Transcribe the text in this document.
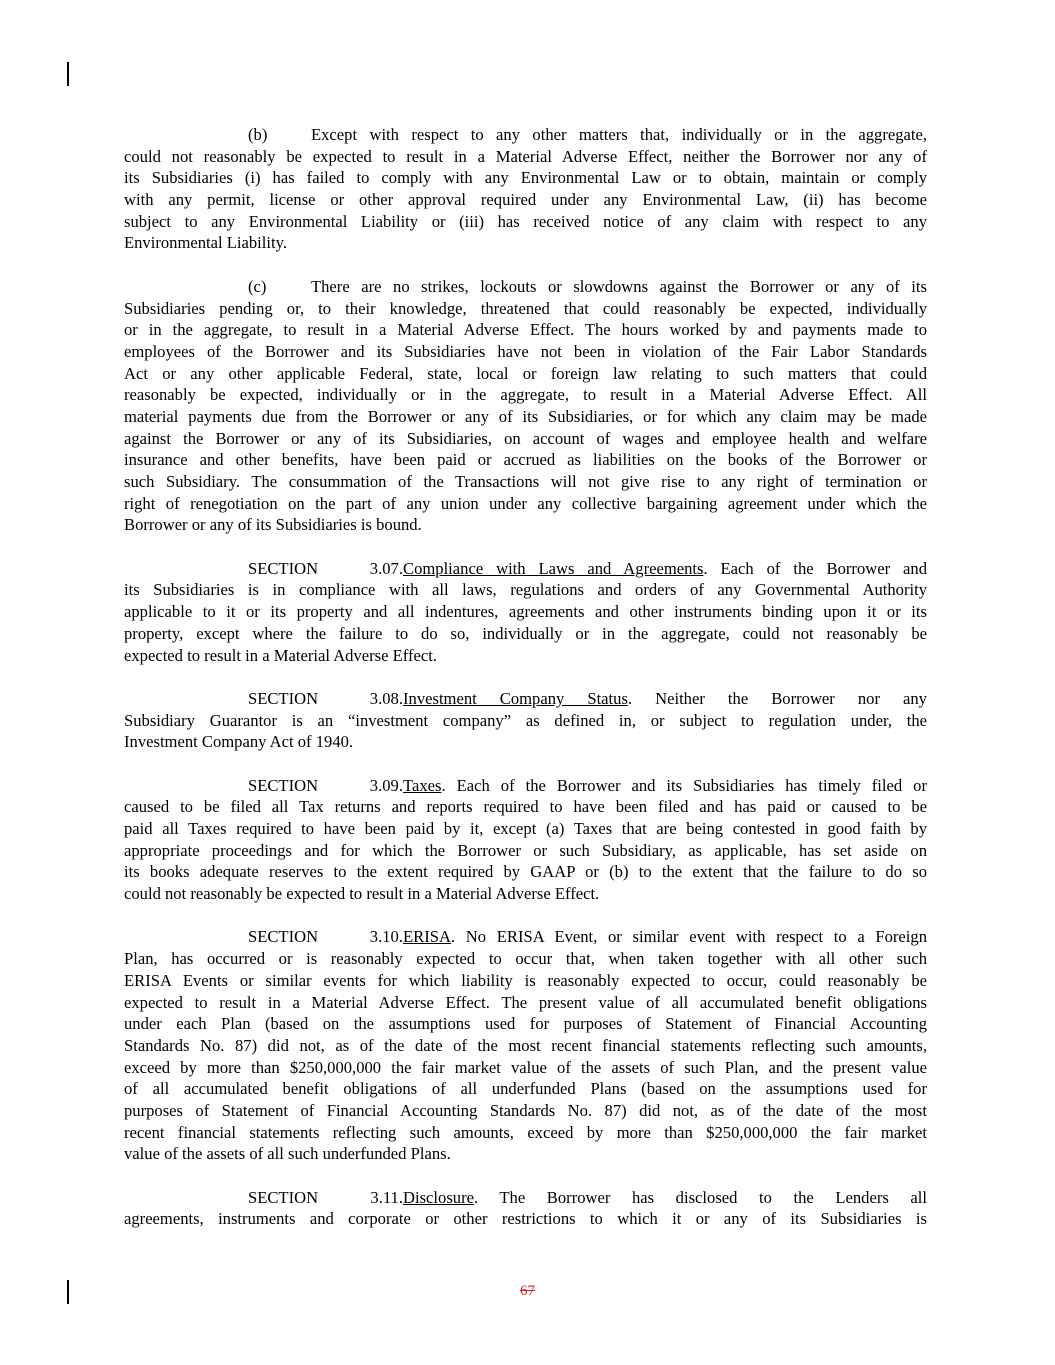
(b)	Except with respect to any other matters that, individually or in the aggregate,
could not reasonably be expected to result in a Material Adverse Effect, neither the Borrower nor any of
its Subsidiaries (i) has failed to comply with any Environmental Law or to obtain, maintain or comply
with any permit, license or other approval required under any Environmental Law, (ii) has become
subject to any Environmental Liability or (iii) has received notice of any claim with respect to any
Environmental Liability.
(c)	There are no strikes, lockouts or slowdowns against the Borrower or any of its
Subsidiaries pending or, to their knowledge, threatened that could reasonably be expected, individually
or in the aggregate, to result in a Material Adverse Effect. The hours worked by and payments made to
employees of the Borrower and its Subsidiaries have not been in violation of the Fair Labor Standards
Act or any other applicable Federal, state, local or foreign law relating to such matters that could
reasonably be expected, individually or in the aggregate, to result in a Material Adverse Effect. All
material payments due from the Borrower or any of its Subsidiaries, or for which any claim may be made
against the Borrower or any of its Subsidiaries, on account of wages and employee health and welfare
insurance and other benefits, have been paid or accrued as liabilities on the books of the Borrower or
such Subsidiary. The consummation of the Transactions will not give rise to any right of termination or
right of renegotiation on the part of any union under any collective bargaining agreement under which the
Borrower or any of its Subsidiaries is bound.
SECTION 3.07.Compliance with Laws and Agreements. Each of the Borrower and
its Subsidiaries is in compliance with all laws, regulations and orders of any Governmental Authority
applicable to it or its property and all indentures, agreements and other instruments binding upon it or its
property, except where the failure to do so, individually or in the aggregate, could not reasonably be
expected to result in a Material Adverse Effect.
SECTION 3.08.Investment Company Status. Neither the Borrower nor any
Subsidiary Guarantor is an “investment company” as defined in, or subject to regulation under, the
Investment Company Act of 1940.
SECTION 3.09.Taxes. Each of the Borrower and its Subsidiaries has timely filed or
caused to be filed all Tax returns and reports required to have been filed and has paid or caused to be
paid all Taxes required to have been paid by it, except (a) Taxes that are being contested in good faith by
appropriate proceedings and for which the Borrower or such Subsidiary, as applicable, has set aside on
its books adequate reserves to the extent required by GAAP or (b) to the extent that the failure to do so
could not reasonably be expected to result in a Material Adverse Effect.
SECTION 3.10.ERISA. No ERISA Event, or similar event with respect to a Foreign
Plan, has occurred or is reasonably expected to occur that, when taken together with all other such
ERISA Events or similar events for which liability is reasonably expected to occur, could reasonably be
expected to result in a Material Adverse Effect. The present value of all accumulated benefit obligations
under each Plan (based on the assumptions used for purposes of Statement of Financial Accounting
Standards No. 87) did not, as of the date of the most recent financial statements reflecting such amounts,
exceed by more than $250,000,000 the fair market value of the assets of such Plan, and the present value
of all accumulated benefit obligations of all underfunded Plans (based on the assumptions used for
purposes of Statement of Financial Accounting Standards No. 87) did not, as of the date of the most
recent financial statements reflecting such amounts, exceed by more than $250,000,000 the fair market
value of the assets of all such underfunded Plans.
SECTION 3.11.Disclosure. The Borrower has disclosed to the Lenders all
agreements, instruments and corporate or other restrictions to which it or any of its Subsidiaries is
67
